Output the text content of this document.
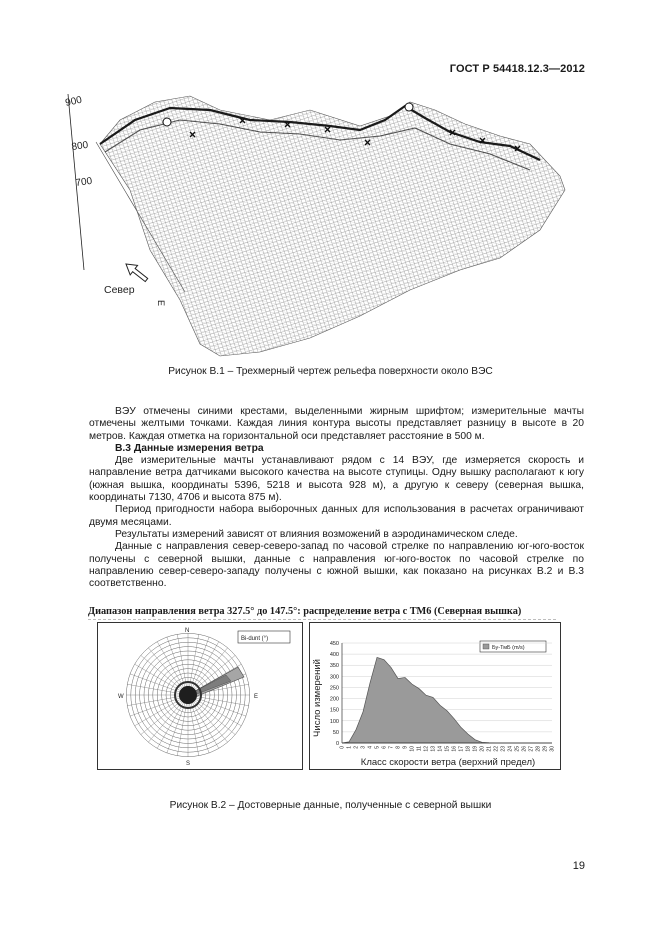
ГОСТ Р 54418.12.3—2012
900
800
700
Север
E
Рисунок В.1 – Трехмерный чертеж рельефа поверхности около ВЭС

ВЭУ отмечены синими крестами, выделенными жирным шрифтом; измерительные мачты отмечены желтыми точками. Каждая линия контура высоты представляет разницу в высоте в 20 метров. Каждая отметка на горизонтальной оси представляет расстояние в 500 м.

В.3 Данные измерения ветра

Две измерительные мачты устанавливают рядом с 14 ВЭУ, где измеряется скорость и направление ветра датчиками высокого качества на высоте ступицы. Одну вышку располагают к югу (южная вышка, координаты 5396, 5218 и высота 928 м), а другую к северу (северная вышка, координаты 7130, 4706 и высота 875 м).

Период пригодности набора выборочных данных для использования в расчетах ограничивают двумя месяцами.

Результаты измерений зависят от влияния возможений в аэродинамическом следе.

Данные с направления север-северо-запад по часовой стрелке по направлению юг-юго-восток получены с северной вышки, данные с направления юг-юго-восток по часовой стрелке по направлению север-северо-западу получены с южной вышки, как показано на рисунках В.2 и В.3 соответственно.

Диапазон направления ветра 327.5° до 147.5°: распределение ветра с ТМ6 (Северная вышка)
N
E
S
W
Bi-dunt (°)
Число измерений
Класс скорости ветра (верхний предел)
Бу-ТмБ (m/s)
0
50
100
150
200
250
300
350
400
450
0 1 2 3 4 5 6 7 8 9 10 11 12 13 14 15 16 17 18 19 20 21 22 23 24 25 26 27 28 29 30
Рисунок В.2 – Достоверные данные, полученные с северной вышки
19
